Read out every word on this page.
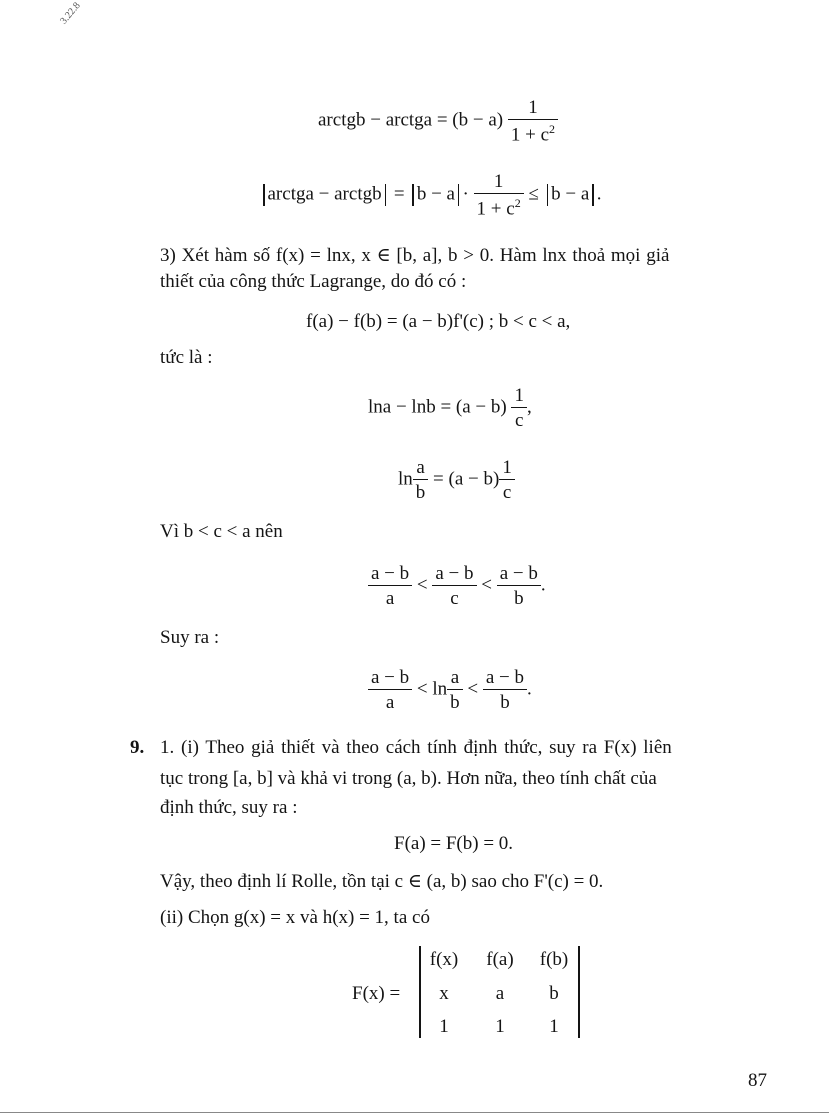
3.22.8
arctgb − arctga = $(b - a) \frac{1}{1 + c^2}$
arctga − arctgb = $b - a \cdot \frac{1}{1 + c^2} \le b - a$ .
3) Xét hàm số f(x) = lnx, x ∈ [b, a], b > 0. Hàm lnx thoả mọi giả
thiết của công thức Lagrange, do đó có :
f(a) − f(b) = (a − b)f'(c) ; b < c < a,
tức là :
$\ln a - \ln b = (a - b) \frac{1}{c}$ ,
$\ln \frac{a}{b} = (a - b) \frac{1}{c}$
Vì b < c < a nên
$\frac{a - b}{a} < \frac{a - b}{c} < \frac{a - b}{b}$ .
Suy ra :
$\frac{a - b}{a} < \ln \frac{a}{b} < \frac{a - b}{b}$ .
9. 1. (i) Theo giả thiết và theo cách tính định thức, suy ra F(x) liên
tục trong [a, b] và khả vi trong (a, b). Hơn nữa, theo tính chất của
định thức, suy ra :
F(a) = F(b) = 0.
Vậy, theo định lí Rolle, tồn tại c ∈ (a, b) sao cho F'(c) = 0.
(ii) Chọn g(x) = x và h(x) = 1, ta có
F(x) =
f(x)	f(a)	f(b)
x	a	b
1	1	1
87
